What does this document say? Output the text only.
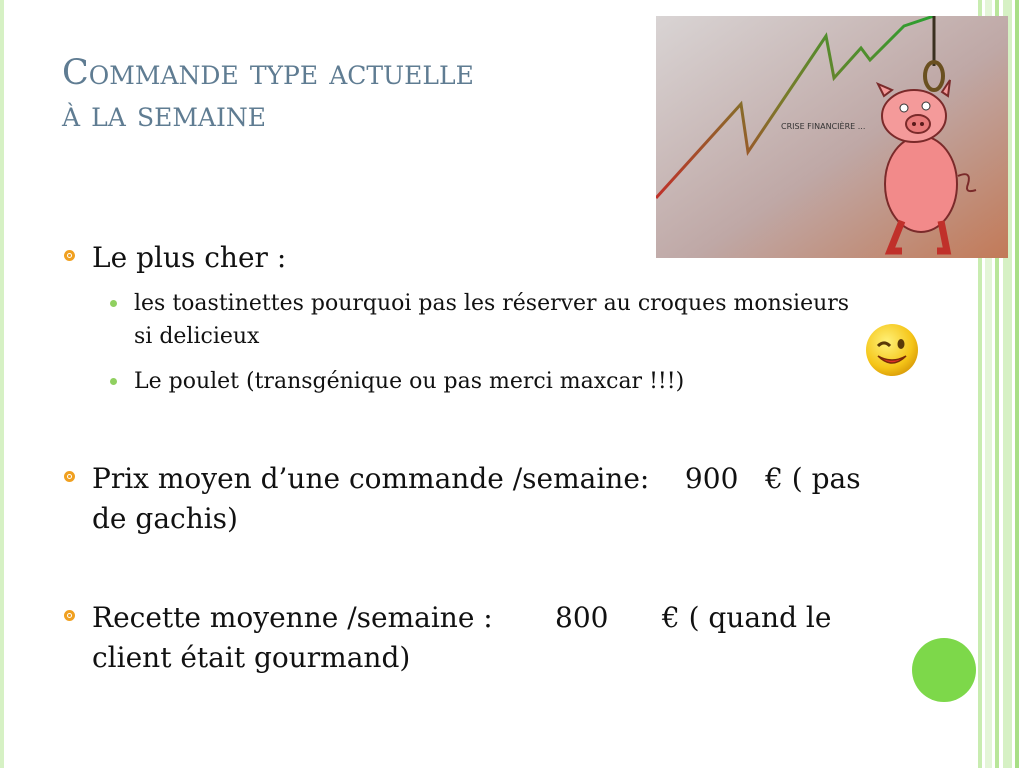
Commande type actuelle
à la semaine	CRISE FINANCIÈRE ...
Le plus cher :
les toastinettes pourquoi pas les réserver au croques monsieurs si delicieux
Le poulet (transgénique ou pas merci maxcar !!!)
Prix moyen d’une commande /semaine:    900   € ( pas de gachis)
Recette moyenne /semaine :       800      € ( quand le client était gourmand)
